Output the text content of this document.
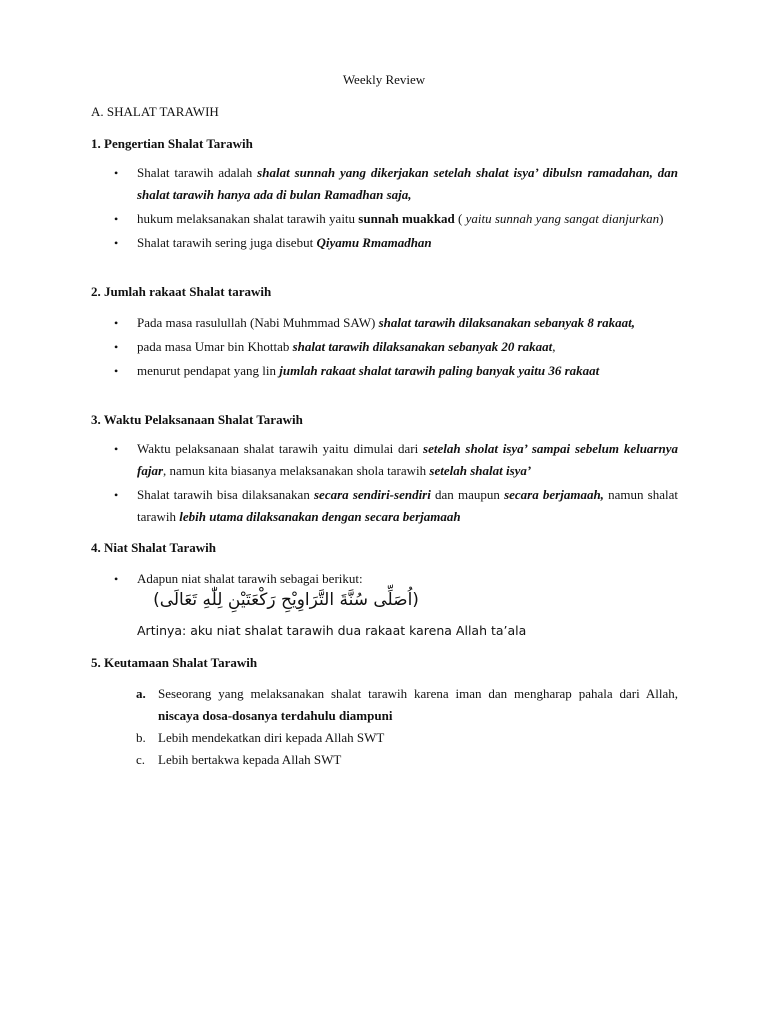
Weekly Review
A. SHALAT TARAWIH
1. Pengertian Shalat Tarawih
• Shalat tarawih adalah shalat sunnah yang dikerjakan setelah shalat isya’ dibulsn ramadahan, dan shalat tarawih hanya ada di bulan Ramadhan saja,
• hukum melaksanakan shalat tarawih yaitu sunnah muakkad ( yaitu sunnah yang sangat dianjurkan)
• Shalat tarawih sering juga disebut Qiyamu Rmamadhan
2. Jumlah rakaat Shalat tarawih
• Pada masa rasulullah (Nabi Muhmmad SAW) shalat tarawih dilaksanakan sebanyak 8 rakaat,
• pada masa Umar bin Khottab shalat tarawih dilaksanakan sebanyak 20 rakaat,
• menurut pendapat yang lin jumlah rakaat shalat tarawih paling banyak yaitu 36 rakaat
3. Waktu Pelaksanaan Shalat Tarawih
• Waktu pelaksanaan shalat tarawih yaitu dimulai dari setelah sholat isya’ sampai sebelum keluarnya fajar, namun kita biasanya melaksanakan shola tarawih setelah shalat isya’
• Shalat tarawih bisa dilaksanakan secara sendiri-sendiri dan maupun secara berjamaah, namun shalat tarawih lebih utama dilaksanakan dengan secara berjamaah
4. Niat Shalat Tarawih
• Adapun niat shalat tarawih sebagai berikut:
(اُصَلِّى سُنَّةَ التَّرَاوِيْحِ رَكْعَتَيْنِ لِلّٰهِ تَعَالَى)
Artinya: aku niat shalat tarawih dua rakaat karena Allah ta’ala
5. Keutamaan Shalat Tarawih
a. Seseorang yang melaksanakan shalat tarawih karena iman dan mengharap pahala dari Allah, niscaya dosa-dosanya terdahulu diampuni
b. Lebih mendekatkan diri kepada Allah SWT
c. Lebih bertakwa kepada Allah SWT
